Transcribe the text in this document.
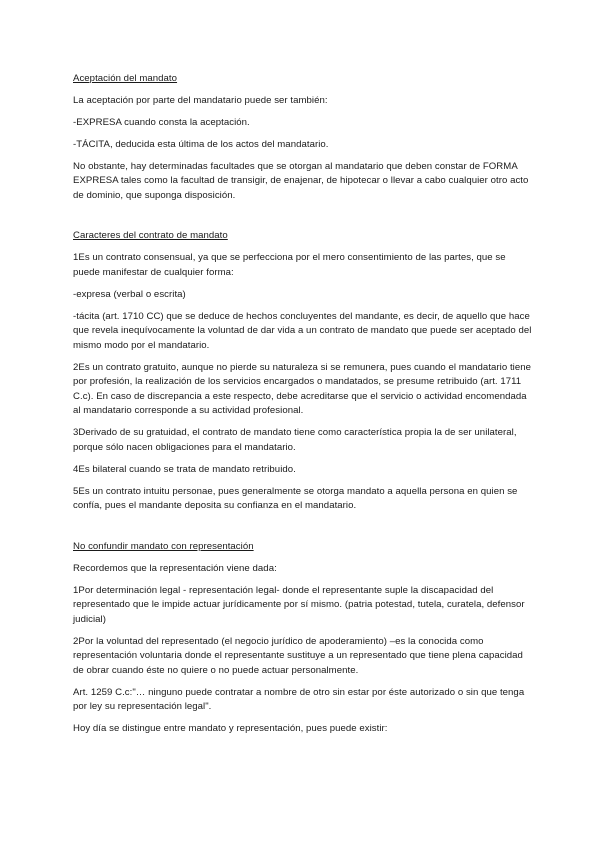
Aceptación del mandato

La aceptación por parte del mandatario puede ser también:

-EXPRESA cuando consta la aceptación.

-TÁCITA, deducida esta última de los actos del mandatario.

No obstante, hay determinadas facultades que se otorgan al mandatario que deben constar de FORMA EXPRESA tales como la facultad de transigir, de enajenar, de hipotecar o llevar a cabo cualquier otro acto de dominio, que suponga disposición.

Caracteres del contrato de mandato

1Es un contrato consensual, ya que se perfecciona por el mero consentimiento de las partes, que se puede manifestar de cualquier forma:

-expresa (verbal o escrita)

-tácita (art. 1710 CC) que se deduce de hechos concluyentes del mandante, es decir, de aquello que hace que revela inequívocamente la voluntad de dar vida a un contrato de mandato que puede ser aceptado del mismo modo por el mandatario.

2Es un contrato gratuito, aunque no pierde su naturaleza si se remunera, pues cuando el mandatario tiene por profesión, la realización de los servicios encargados o mandatados, se presume retribuido (art. 1711 C.c). En caso de discrepancia a este respecto, debe acreditarse que el servicio o actividad encomendada al mandatario corresponde a su actividad profesional.

3Derivado de su gratuidad, el contrato de mandato tiene como característica propia la de ser unilateral, porque sólo nacen obligaciones para el mandatario.

4Es bilateral cuando se trata de mandato retribuido.

5Es un contrato intuitu personae, pues generalmente se otorga mandato a aquella persona en quien se confía, pues el mandante deposita su confianza en el mandatario.

No confundir mandato con representación

Recordemos que la representación viene dada:

1Por determinación legal - representación legal- donde el representante suple la discapacidad del representado que le impide actuar jurídicamente por sí mismo. (patria potestad, tutela, curatela, defensor judicial)

2Por la voluntad del representado (el negocio jurídico de apoderamiento) –es la conocida como representación voluntaria donde el representante sustituye a un representado que tiene plena capacidad de obrar cuando éste no quiere o no puede actuar personalmente.

Art. 1259 C.c:"… ninguno puede contratar a nombre de otro sin estar por éste autorizado o sin que tenga por ley su representación legal".

Hoy día se distingue entre mandato y representación, pues puede existir:
